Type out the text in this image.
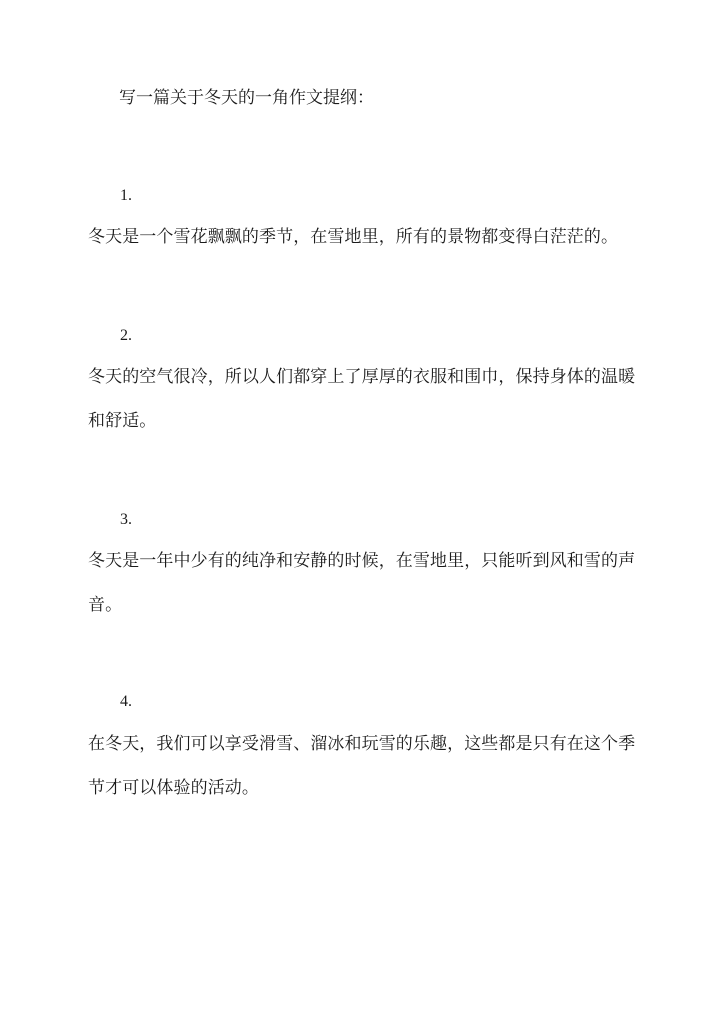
写一篇关于冬天的一角作文提纲：
1.
冬天是一个雪花飘飘的季节，在雪地里，所有的景物都变得白茫茫的。
2.
冬天的空气很冷，所以人们都穿上了厚厚的衣服和围巾，保持身体的温暖
和舒适。
3.
冬天是一年中少有的纯净和安静的时候，在雪地里，只能听到风和雪的声
音。
4.
在冬天，我们可以享受滑雪、溜冰和玩雪的乐趣，这些都是只有在这个季
节才可以体验的活动。
